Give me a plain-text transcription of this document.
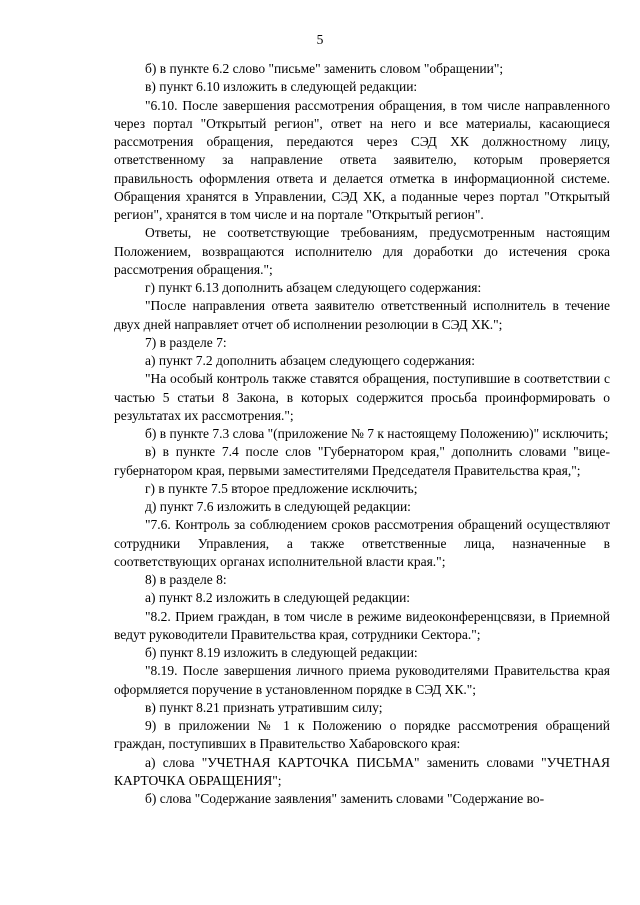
5

б) в пункте 6.2 слово "письме" заменить словом "обращении";

в) пункт 6.10 изложить в следующей редакции:

"6.10. После завершения рассмотрения обращения, в том числе направленного через портал "Открытый регион", ответ на него и все материалы, касающиеся рассмотрения обращения, передаются через СЭД ХК должностному лицу, ответственному за направление ответа заявителю, которым проверяется правильность оформления ответа и делается отметка в информационной системе. Обращения хранятся в Управлении, СЭД ХК, а поданные через портал "Открытый регион", хранятся в том числе и на портале "Открытый регион".

Ответы, не соответствующие требованиям, предусмотренным настоящим Положением, возвращаются исполнителю для доработки до истечения срока рассмотрения обращения.";

г) пункт 6.13 дополнить абзацем следующего содержания:

"После направления ответа заявителю ответственный исполнитель в течение двух дней направляет отчет об исполнении резолюции в СЭД ХК.";

7) в разделе 7:

а) пункт 7.2 дополнить абзацем следующего содержания:

"На особый контроль также ставятся обращения, поступившие в соответствии с частью 5 статьи 8 Закона, в которых содержится просьба проинформировать о результатах их рассмотрения.";

б) в пункте 7.3 слова "(приложение № 7 к настоящему Положению)" исключить;

в) в пункте 7.4 после слов "Губернатором края," дополнить словами "вице-губернатором края, первыми заместителями Председателя Правительства края,";

г) в пункте 7.5 второе предложение исключить;

д) пункт 7.6 изложить в следующей редакции:

"7.6. Контроль за соблюдением сроков рассмотрения обращений осуществляют сотрудники Управления, а также ответственные лица, назначенные в соответствующих органах исполнительной власти края.";

8) в разделе 8:

а) пункт 8.2 изложить в следующей редакции:

"8.2. Прием граждан, в том числе в режиме видеоконференцсвязи, в Приемной ведут руководители Правительства края, сотрудники Сектора.";

б) пункт 8.19 изложить в следующей редакции:

"8.19. После завершения личного приема руководителями Правительства края оформляется поручение в установленном порядке в СЭД ХК.";

в) пункт 8.21 признать утратившим силу;

9) в приложении № 1 к Положению о порядке рассмотрения обращений граждан, поступивших в Правительство Хабаровского края:

а) слова "УЧЕТНАЯ КАРТОЧКА ПИСЬМА" заменить словами "УЧЕТНАЯ КАРТОЧКА ОБРАЩЕНИЯ";

б) слова "Содержание заявления" заменить словами "Содержание во-
